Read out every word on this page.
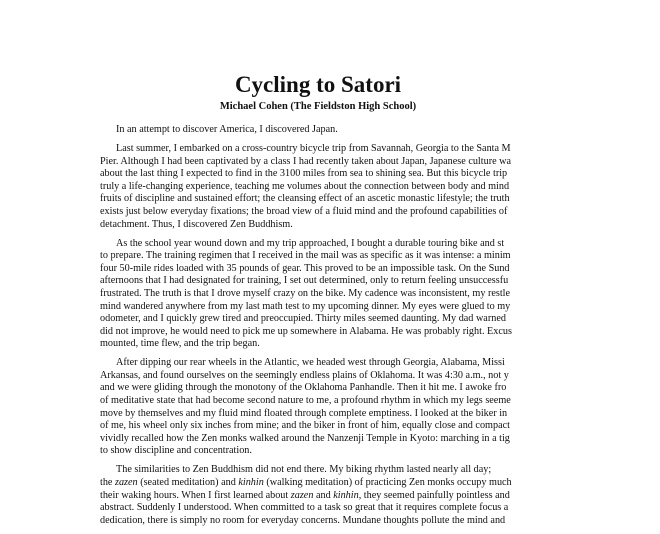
Cycling to Satori
Michael Cohen (The Fieldston High School)
In an attempt to discover America, I discovered Japan.
Last summer, I embarked on a cross-country bicycle trip from Savannah, Georgia to the Santa M
Pier. Although I had been captivated by a class I had recently taken about Japan, Japanese culture wa
about the last thing I expected to find in the 3100 miles from sea to shining sea. But this bicycle trip
truly a life-changing experience, teaching me volumes about the connection between body and mind
fruits of discipline and sustained effort; the cleansing effect of an ascetic monastic lifestyle; the truth
exists just below everyday fixations; the broad view of a fluid mind and the profound capabilities of
detachment. Thus, I discovered Zen Buddhism.
As the school year wound down and my trip approached, I bought a durable touring bike and st
to prepare. The training regimen that I received in the mail was as specific as it was intense: a minim
four 50-mile rides loaded with 35 pounds of gear. This proved to be an impossible task. On the Sund
afternoons that I had designated for training, I set out determined, only to return feeling unsuccessfu
frustrated. The truth is that I drove myself crazy on the bike. My cadence was inconsistent, my restle
mind wandered anywhere from my last math test to my upcoming dinner. My eyes were glued to my
odometer, and I quickly grew tired and preoccupied. Thirty miles seemed daunting. My dad warned
did not improve, he would need to pick me up somewhere in Alabama. He was probably right. Excus
mounted, time flew, and the trip began.
After dipping our rear wheels in the Atlantic, we headed west through Georgia, Alabama, Missi
Arkansas, and found ourselves on the seemingly endless plains of Oklahoma. It was 4:30 a.m., not y
and we were gliding through the monotony of the Oklahoma Panhandle. Then it hit me. I awoke fro
of meditative state that had become second nature to me, a profound rhythm in which my legs seeme
move by themselves and my fluid mind floated through complete emptiness. I looked at the biker in
of me, his wheel only six inches from mine; and the biker in front of him, equally close and compact
vividly recalled how the Zen monks walked around the Nanzenji Temple in Kyoto: marching in a tig
to show discipline and concentration.
The similarities to Zen Buddhism did not end there. My biking rhythm lasted nearly all day;
the zazen (seated meditation) and kinhin (walking meditation) of practicing Zen monks occupy much
their waking hours. When I first learned about zazen and kinhin, they seemed painfully pointless and
abstract. Suddenly I understood. When committed to a task so great that it requires complete focus a
dedication, there is simply no room for everyday concerns. Mundane thoughts pollute the mind and
